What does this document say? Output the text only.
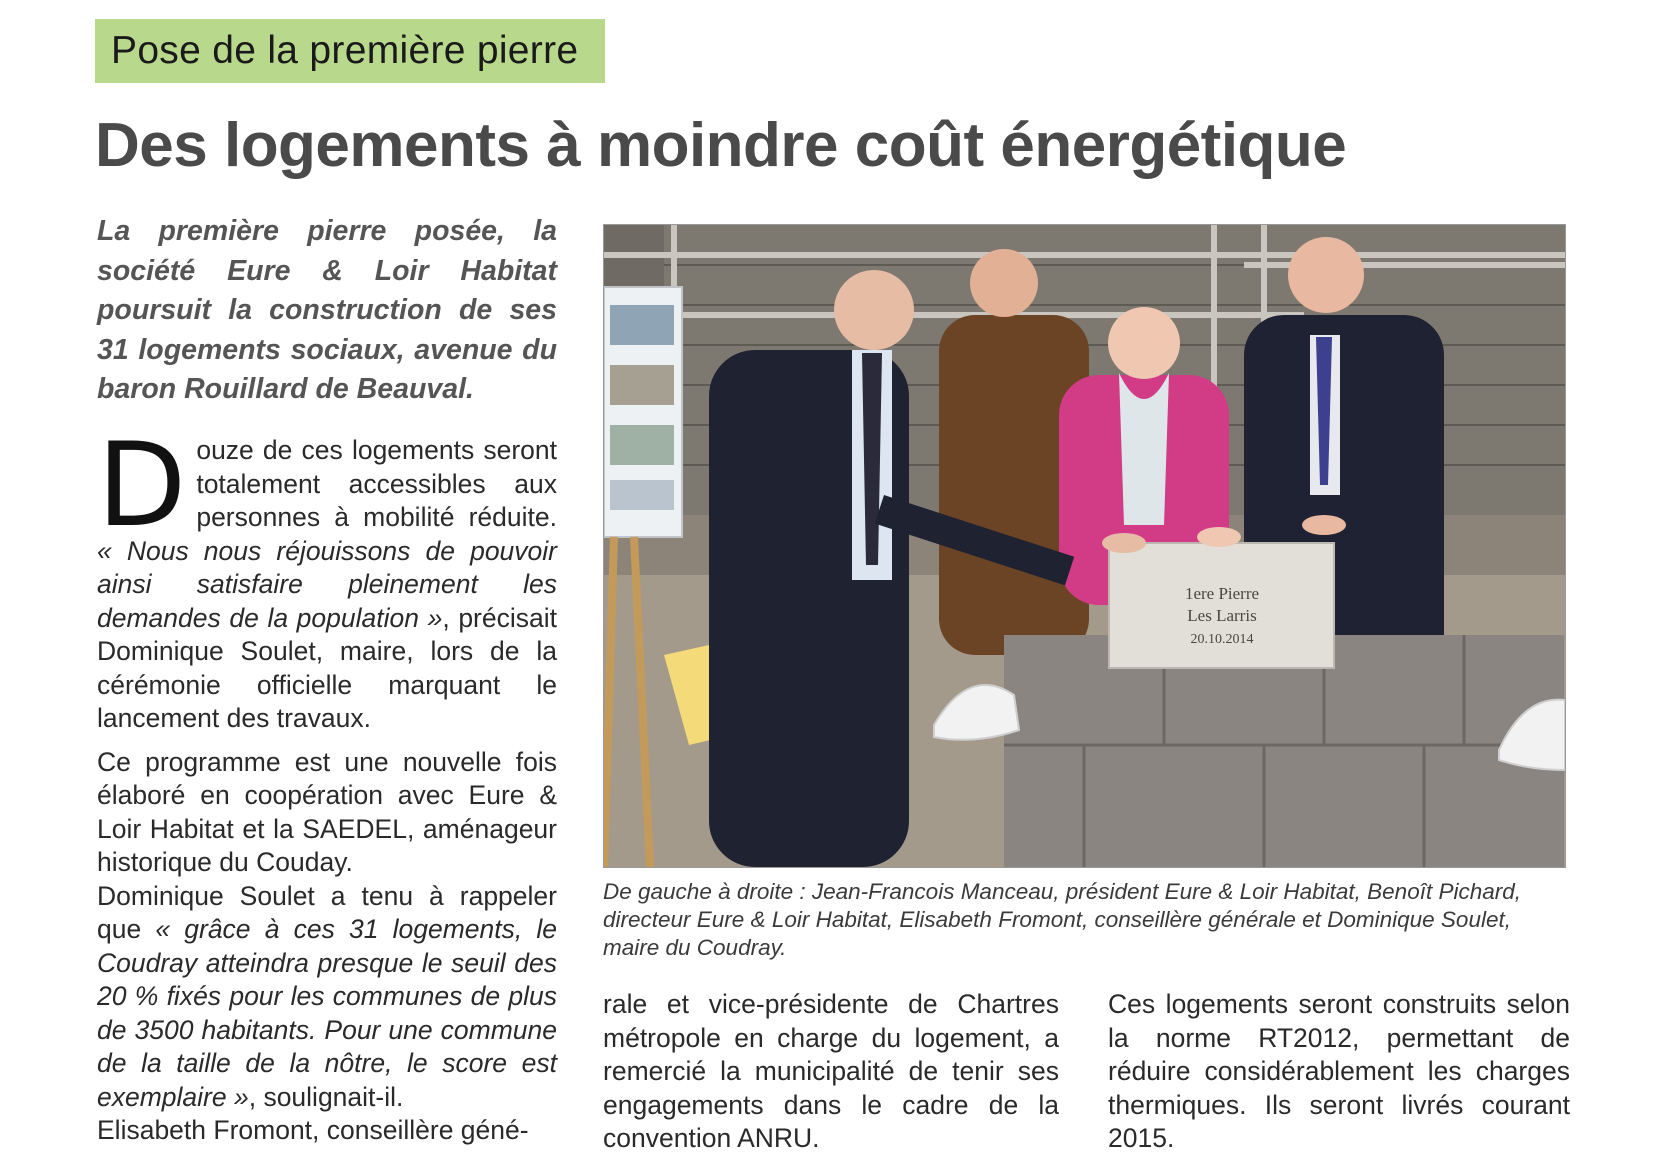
Pose de la première pierre
Des logements à moindre coût énergétique
La première pierre posée, la société Eure & Loir Habitat poursuit la construction de ses 31 logements sociaux, avenue du baron Rouillard de Beauval.

Douze de ces logements seront totalement accessibles aux personnes à mobilité réduite. « Nous nous réjouissons de pouvoir ainsi satisfaire pleinement les demandes de la population », précisait Dominique Soulet, maire, lors de la cérémonie officielle marquant le lancement des travaux.

Ce programme est une nouvelle fois élaboré en coopération avec Eure & Loir Habitat et la SAEDEL, aménageur historique du Couday.

Dominique Soulet a tenu à rappeler que « grâce à ces 31 logements, le Coudray atteindra presque le seuil des 20 % fixés pour les communes de plus de 3500 habitants. Pour une commune de la taille de la nôtre, le score est exemplaire », soulignait-il.

Elisabeth Fromont, conseillère géné-

1ere Pierre
Les Larris
20.10.2014
De gauche à droite : Jean-Francois Manceau, président Eure & Loir Habitat, Benoît Pichard, directeur Eure & Loir Habitat, Elisabeth Fromont, conseillère générale et Dominique Soulet, maire du Coudray.

rale et vice-présidente de Chartres métropole en charge du logement, a remercié la municipalité de tenir ses engagements dans le cadre de la convention ANRU.

Ces logements seront construits selon la norme RT2012, permettant de réduire considérablement les charges thermiques. Ils seront livrés courant 2015.
